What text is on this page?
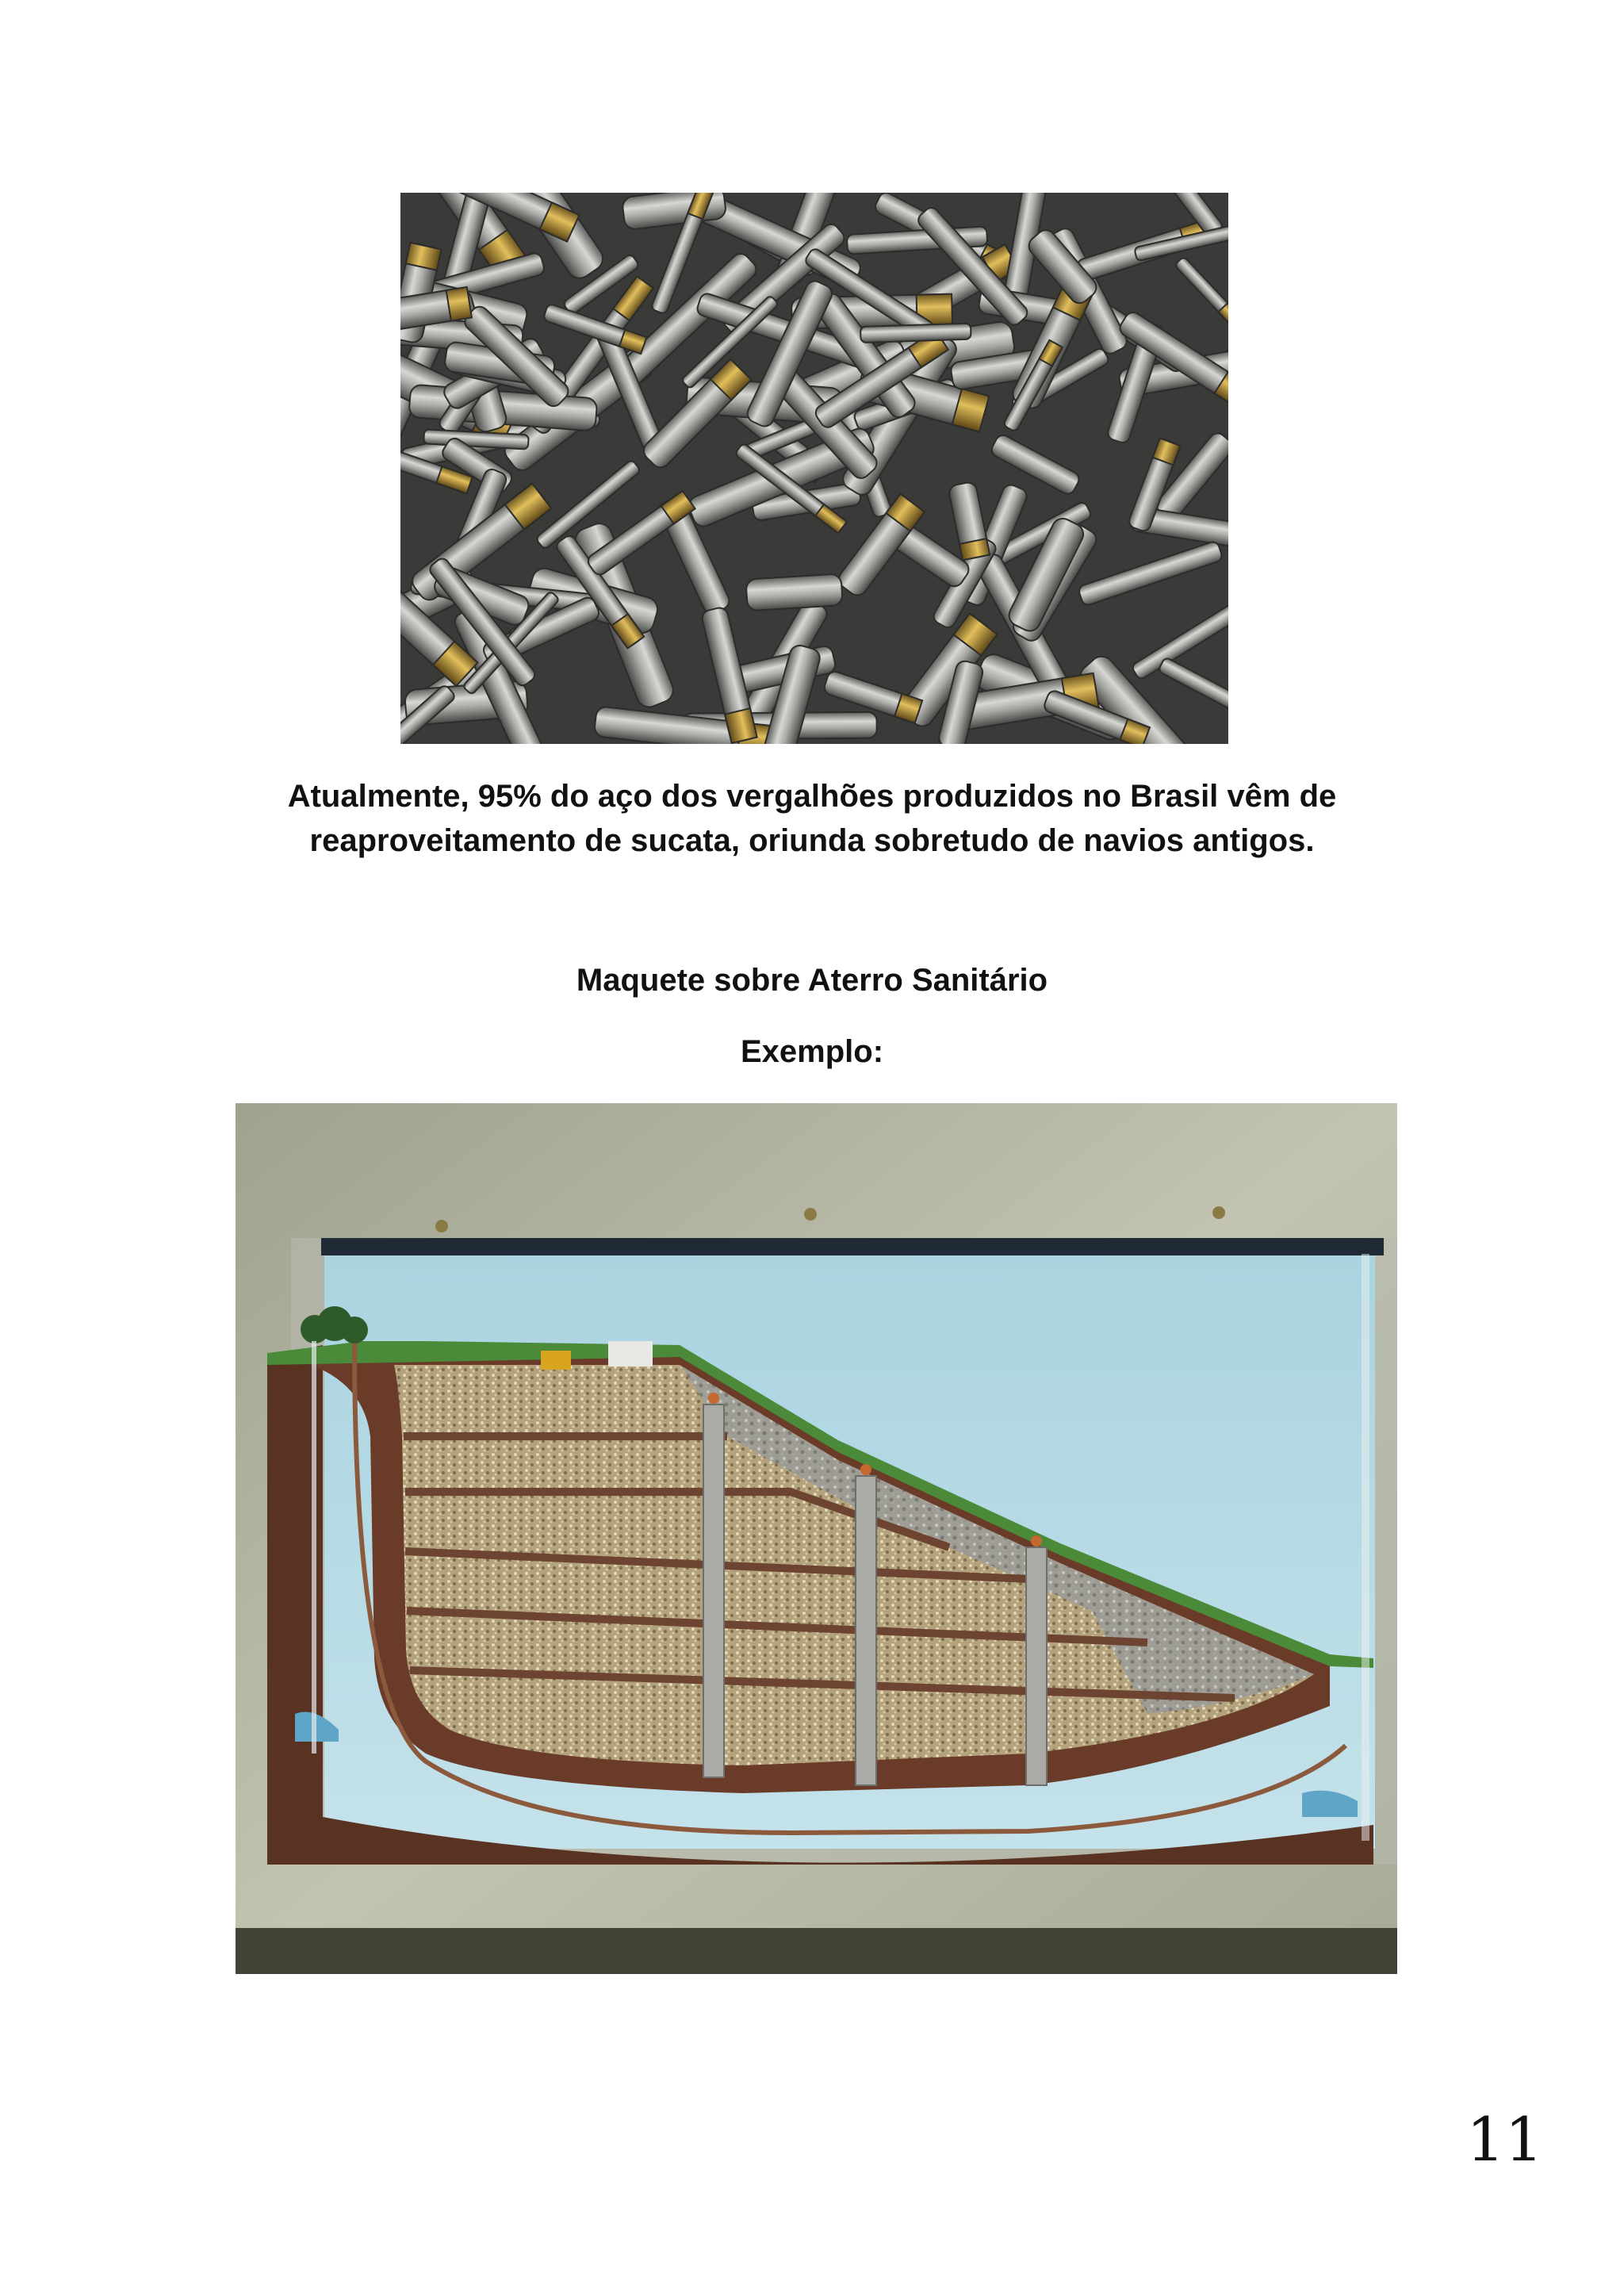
Atualmente, 95% do aço dos vergalhões produzidos no Brasil vêm de
reaproveitamento de sucata, oriunda sobretudo de navios antigos.
Maquete sobre Aterro Sanitário
Exemplo:
11
